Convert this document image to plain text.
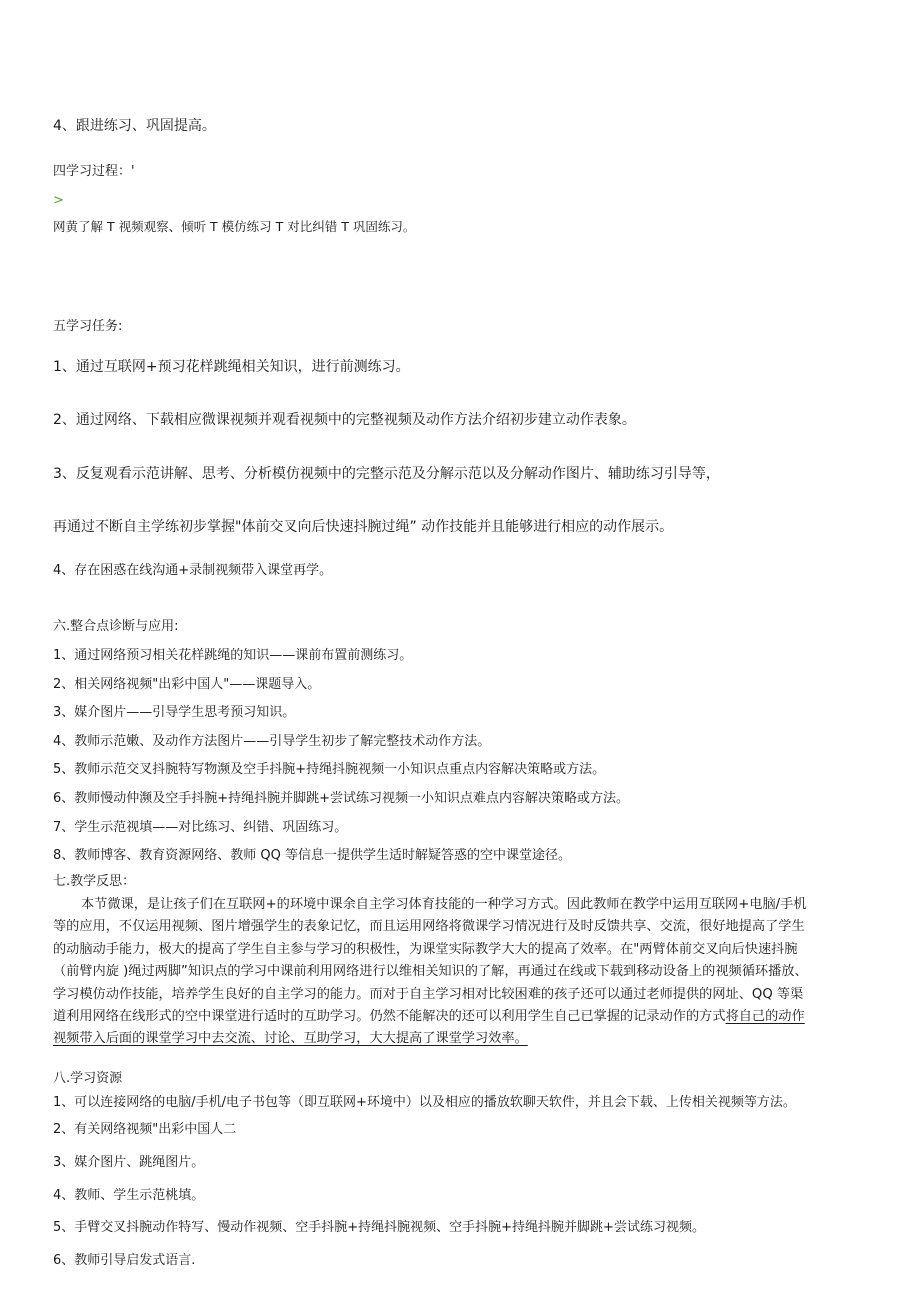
4、跟进练习、巩固提高。
四学习过程：'
>
网黄了解 T 视频观察、倾听 T 模仿练习 T 对比纠错 T 巩固练习。
五学习任务:
1、通过互联网+预习花样跳绳相关知识，进行前测练习。
2、通过网络、下载相应微课视频并观看视频中的完整视频及动作方法介绍初步建立动作表象。
3、反复观看示范讲解、思考、分析模仿视频中的完整示范及分解示范以及分解动作图片、辅助练习引导等，
再通过不断自主学练初步掌握"体前交叉向后快速抖腕过绳” 动作技能并且能够进行相应的动作展示。
4、存在困惑在线沟通+录制视频带入课堂再学。
六.整合点诊断与应用:
1、通过网络预习相关花样跳绳的知识——课前布置前测练习。
2、相关网络视频"出彩中国人"——课题导入。
3、媒介图片——引导学生思考预习知识。
4、教师示范嫩、及动作方法图片——引导学生初步了解完整技术动作方法。
5、教师示范交叉抖腕特写物濒及空手抖腕+持绳抖腕视频一小知识点重点内容解决策略或方法。
6、教师慢动仲濒及空手抖腕+持绳抖腕并脚跳+尝试练习视频一小知识点难点内容解决策略或方法。
7、学生示范视填——对比练习、纠错、巩固练习。
8、教师博客、教育资源网络、教师 QQ 等信息一提供学生适时解疑答惑的空中课堂途径。
七.教学反思：

本节微课，是让孩子们在互联网+的环境中课余自主学习体育技能的一种学习方式。因此教师在教学中运用互联网+电脑/手机

等的应用，不仅运用视频、图片增强学生的表象记忆，而且运用网络将微课学习情况进行及时反馈共享、交流，很好地提高了学生

的动脑动手能力，极大的提高了学生自主参与学习的积极性，为课堂实际教学大大的提高了效率。在"两臂体前交叉向后快速抖腕

（前臂内旋 )绳过两脚”知识点的学习中课前利用网络进行以维相关知识的了解，再通过在线或下载到移动设备上的视频循环播放、

学习模仿动作技能，培养学生良好的自主学习的能力。而对于自主学习相对比较困难的孩子还可以通过老师提供的网址、QQ 等渠

道利用网络在线形式的空中课堂进行适时的互助学习。仍然不能解决的还可以利用学生自己已掌握的记录动作的方式将自己的动作

视频带入后面的课堂学习中去交流、讨论、互助学习，大大提高了课堂学习效率。

八.学习资源
1、可以连接网络的电脑/手机/电子书包等（即互联网+环境中）以及相应的播放软聊天软件，并且会下载、上传相关视频等方法。
2、有关网络视频"出彩中国人二
3、媒介图片、跳绳图片。
4、教师、学生示范桃填。
5、手臂交叉抖腕动作特写、慢动作视频、空手抖腕+持绳抖腕视频、空手抖腕+持绳抖腕并脚跳+尝试练习视频。
6、教师引导启发式语言.
